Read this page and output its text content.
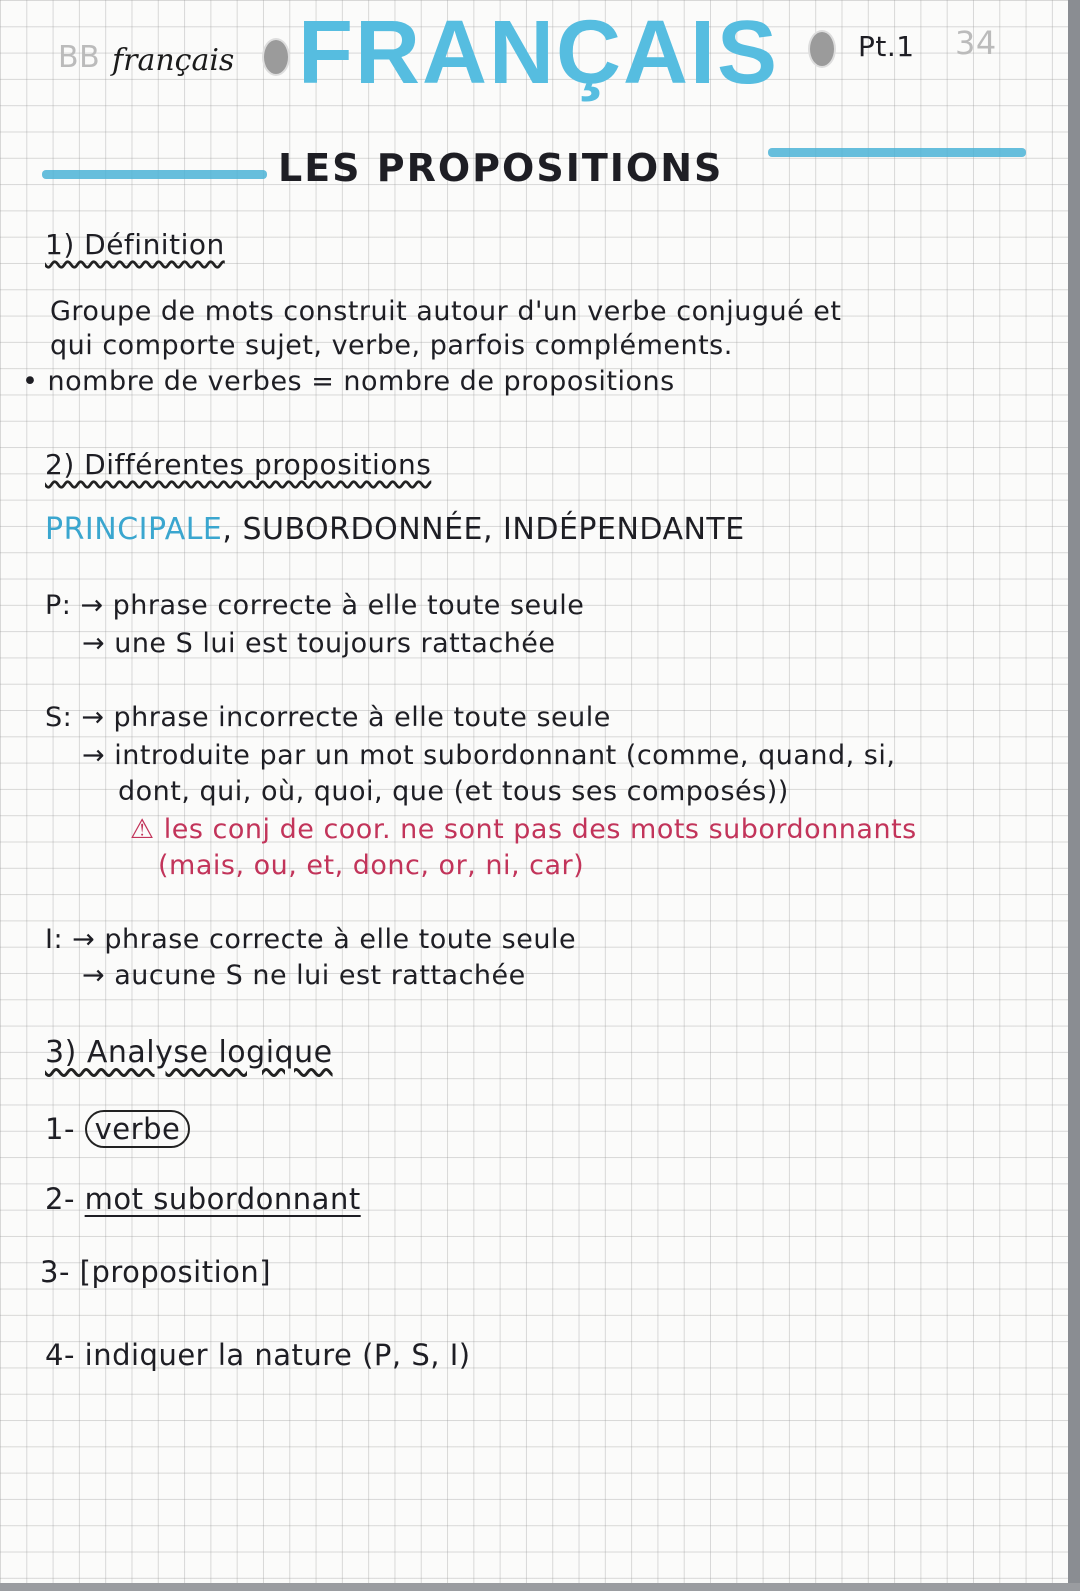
BB FRANÇAIS
français	Pt.1 34
LES PROPOSITIONS
1) Définition
Groupe de mots construit autour d'un verbe conjugué et
qui comporte sujet, verbe, parfois compléments.
• nombre de verbes = nombre de propositions
2) Différentes propositions
PRINCIPALE, SUBORDONNÉE, INDÉPENDANTE
P: → phrase correcte à elle toute seule
→ une S lui est toujours rattachée
S: → phrase incorrecte à elle toute seule
→ introduite par un mot subordonnant (comme, quand, si,
dont, qui, où, quoi, que (et tous ses composés))
⚠ les conj de coor. ne sont pas des mots subordonnants
(mais, ou, et, donc, or, ni, car)
I: → phrase correcte à elle toute seule
→ aucune S ne lui est rattachée
3) Analyse logique
1- verbe
2- mot subordonnant
3- [proposition]
4- indiquer la nature (P, S, I)
